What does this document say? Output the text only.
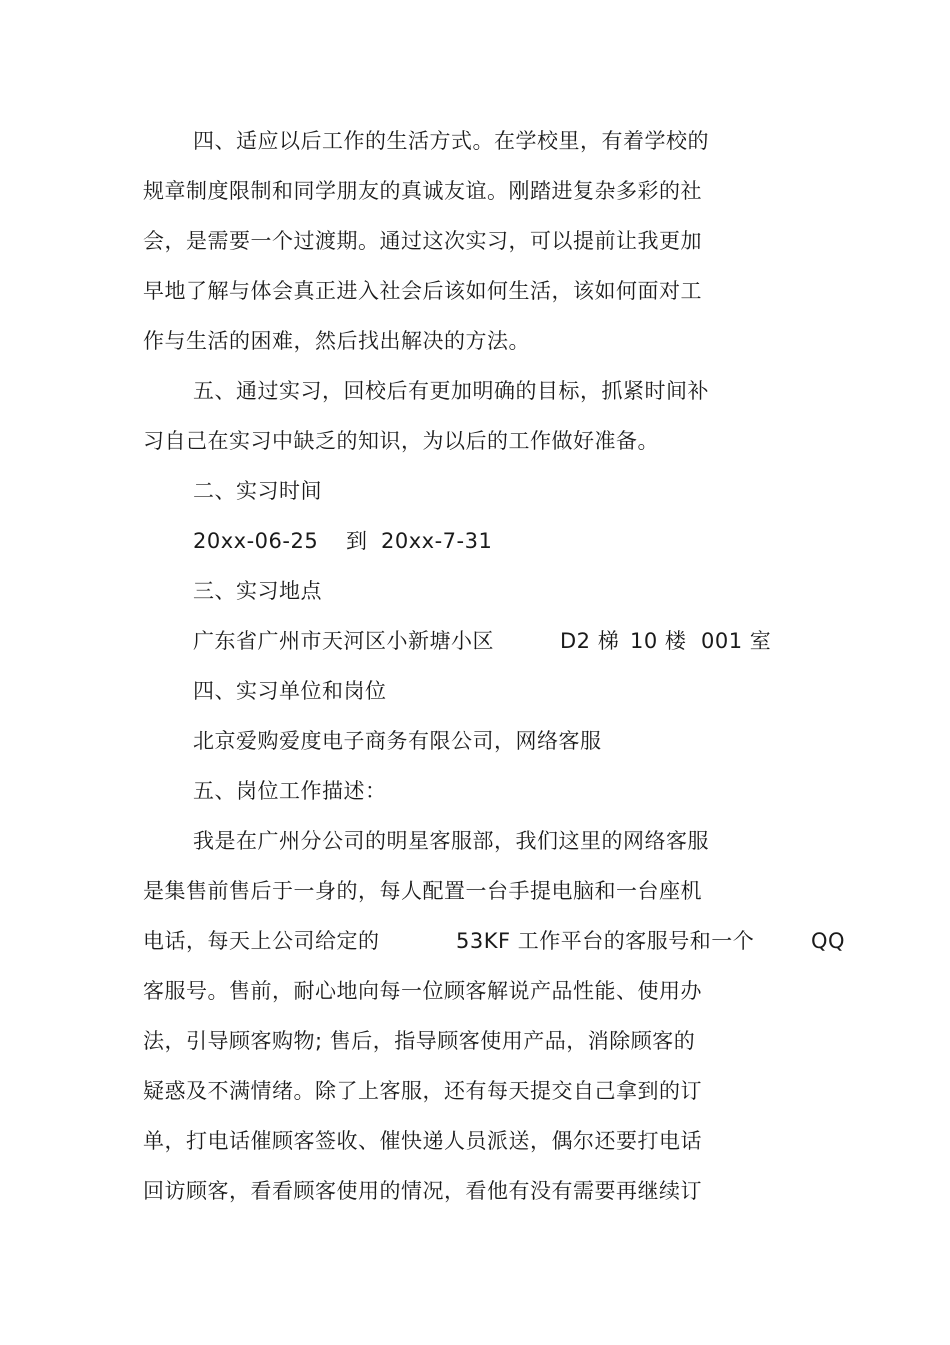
四、适应以后工作的生活方式。在学校里，有着学校的
规章制度限制和同学朋友的真诚友谊。刚踏进复杂多彩的社
会，是需要一个过渡期。通过这次实习，可以提前让我更加
早地了解与体会真正进入社会后该如何生活，该如何面对工
作与生活的困难，然后找出解决的方法。
五、通过实习，回校后有更加明确的目标，抓紧时间补
习自己在实习中缺乏的知识，为以后的工作做好准备。
二、实习时间
20xx-06-25 到 20xx-7-31
三、实习地点
广东省广州市天河区小新塘小区	D2 梯 10 楼 001 室
四、实习单位和岗位
北京爱购爱度电子商务有限公司，网络客服
五、岗位工作描述：
我是在广州分公司的明星客服部，我们这里的网络客服
是集售前售后于一身的，每人配置一台手提电脑和一台座机
电话，每天上公司给定的	53KF 工作平台的客服号和一个	QQ
客服号。售前，耐心地向每一位顾客解说产品性能、使用办
法，引导顾客购物; 售后，指导顾客使用产品，消除顾客的
疑惑及不满情绪。除了上客服，还有每天提交自己拿到的订
单，打电话催顾客签收、催快递人员派送，偶尔还要打电话
回访顾客，看看顾客使用的情况，看他有没有需要再继续订
